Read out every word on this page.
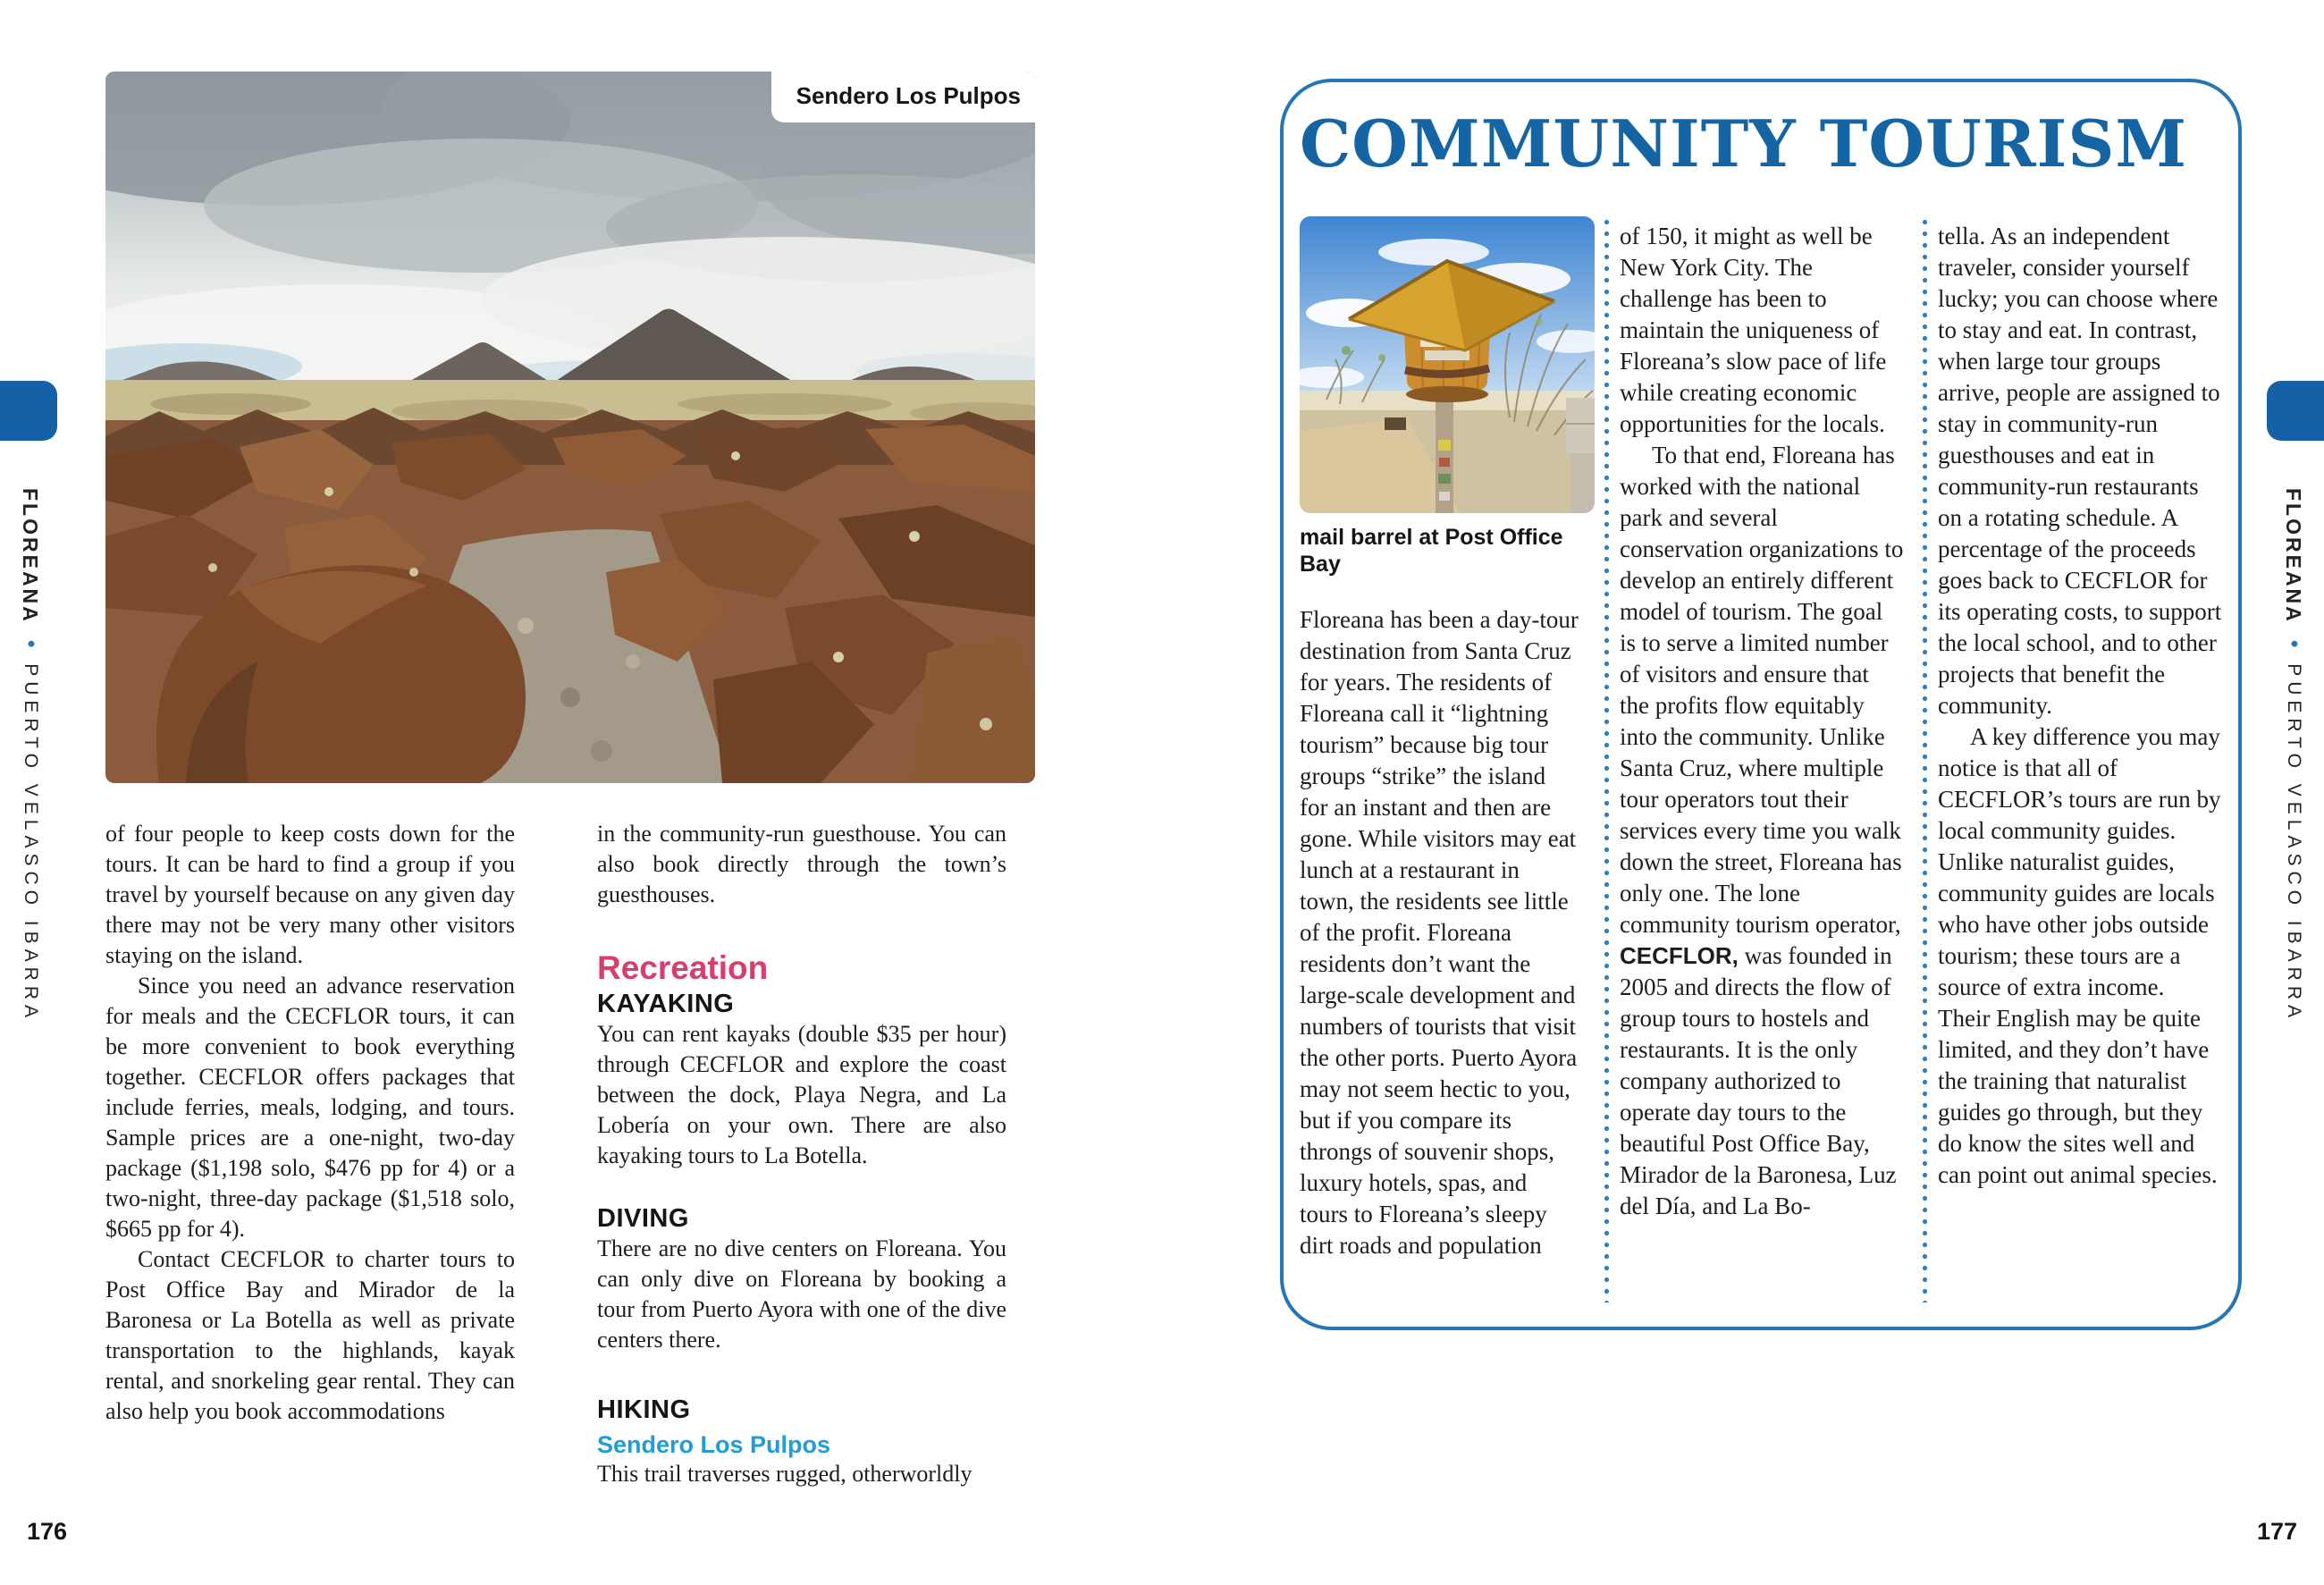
FLOREANA•PUERTO VELASCO IBARRA
FLOREANA•PUERTO VELASCO IBARRA
Sendero Los Pulpos

of four people to keep costs down for the tours. It can be hard to find a group if you travel by yourself because on any given day there may not be very many other visitors staying on the island.

Since you need an advance reservation for meals and the CECFLOR tours, it can be more convenient to book everything together. CECFLOR offers packages that include ferries, meals, lodging, and tours. Sample prices are a one-night, two-day package ($1,198 solo, $476 pp for 4) or a two-night, three-day package ($1,518 solo, $665 pp for 4).

Contact CECFLOR to charter tours to Post Office Bay and Mirador de la Baronesa or La Botella as well as private transportation to the highlands, kayak rental, and snorkeling gear rental. They can also help you book accommodations

in the community-run guesthouse. You can also book directly through the town’s guesthouses.

Recreation
KAYAKING

You can rent kayaks (double $35 per hour) through CECFLOR and explore the coast between the dock, Playa Negra, and La Lobería on your own. There are also kayaking tours to La Botella.

DIVING

There are no dive centers on Floreana. You can only dive on Floreana by booking a tour from Puerto Ayora with one of the dive centers there.

HIKING
Sendero Los Pulpos

This trail traverses rugged, otherworldly

176
COMMUNITY TOURISM
mail barrel at Post Office Bay

Floreana has been a day-tour destination from Santa Cruz for years. The residents of Floreana call it “lightning tourism” because big tour groups “strike” the island for an instant and then are gone. While visitors may eat lunch at a restaurant in town, the residents see little of the profit. Floreana residents don’t want the large-scale development and numbers of tourists that visit the other ports. Puerto Ayora may not seem hectic to you, but if you compare its throngs of souvenir shops, luxury hotels, spas, and tours to Floreana’s sleepy dirt roads and population

of 150, it might as well be New York City. The challenge has been to maintain the uniqueness of Floreana’s slow pace of life while creating economic opportunities for the locals.

To that end, Floreana has worked with the national park and several conservation organizations to develop an entirely different model of tourism. The goal is to serve a limited number of visitors and ensure that the profits flow equitably into the community. Unlike Santa Cruz, where multiple tour operators tout their services every time you walk down the street, Floreana has only one. The lone community tourism operator, CECFLOR, was founded in 2005 and directs the flow of group tours to hostels and restaurants. It is the only company authorized to operate day tours to the beautiful Post Office Bay, Mirador de la Baronesa, Luz del Día, and La Bo-

tella. As an independent traveler, consider yourself lucky; you can choose where to stay and eat. In contrast, when large tour groups arrive, people are assigned to stay in community-run guesthouses and eat in community-run restaurants on a rotating schedule. A percentage of the proceeds goes back to CECFLOR for its operating costs, to support the local school, and to other projects that benefit the community.

A key difference you may notice is that all of CECFLOR’s tours are run by local community guides. Unlike naturalist guides, community guides are locals who have other jobs outside tourism; these tours are a source of extra income. Their English may be quite limited, and they don’t have the training that naturalist guides go through, but they do know the sites well and can point out animal species.

177
